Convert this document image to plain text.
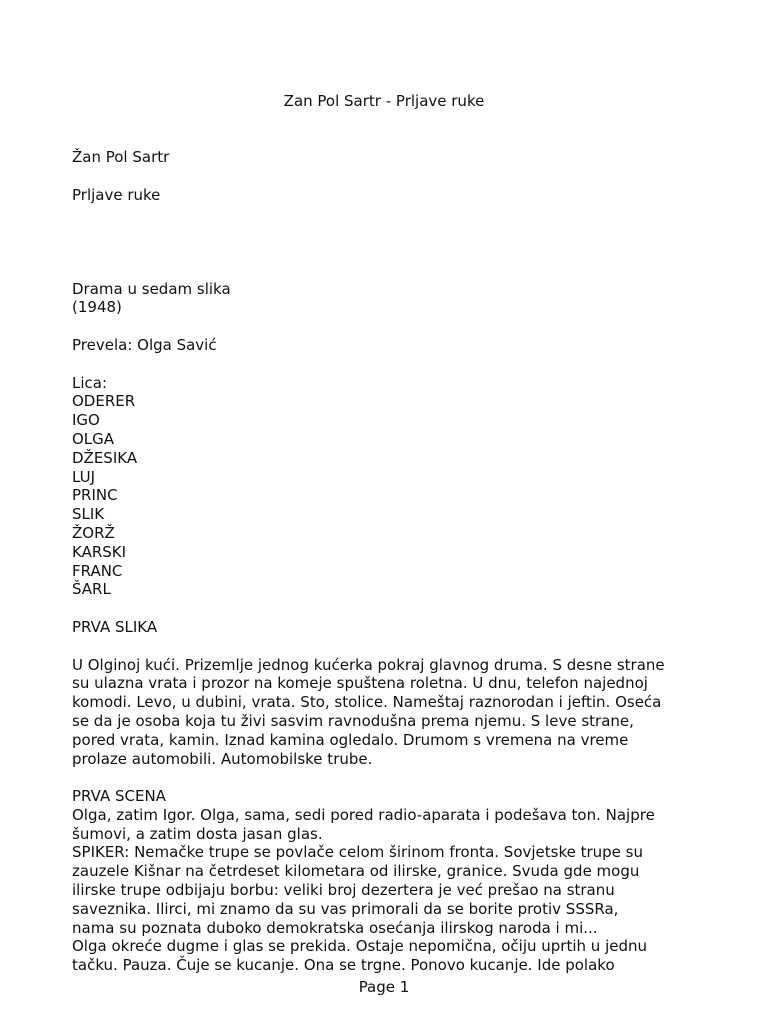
Zan Pol Sartr - Prljave ruke
Žan Pol Sartr
Prljave ruke
Drama u sedam slika
(1948)
Prevela: Olga Savić
Lica:
ODERER
IGO
OLGA
DŽESIKA
LUJ
PRINC
SLIK
ŽORŽ
KARSKI
FRANC
ŠARL
PRVA SLIKA
U Olginoj kući. Prizemlje jednog kućerka pokraj glavnog druma. S desne strane
su ulazna vrata i prozor na komeje spuštena roletna. U dnu, telefon najednoj
komodi. Levo, u dubini, vrata. Sto, stolice. Nameštaj raznorodan i jeftin. Oseća
se da je osoba koja tu živi sasvim ravnodušna prema njemu. S leve strane,
pored vrata, kamin. Iznad kamina ogledalo. Drumom s vremena na vreme
prolaze automobili. Automobilske trube.
PRVA SCENA
Olga, zatim Igor. Olga, sama, sedi pored radio-aparata i podešava ton. Najpre
šumovi, a zatim dosta jasan glas.
SPIKER: Nemačke trupe se povlače celom širinom fronta. Sovjetske trupe su
zauzele Kišnar na četrdeset kilometara od ilirske, granice. Svuda gde mogu
ilirske trupe odbijaju borbu: veliki broj dezertera je već prešao na stranu
saveznika. Ilirci, mi znamo da su vas primorali da se borite protiv SSSRa,
nama su poznata duboko demokratska osećanja ilirskog naroda i mi...
Olga okreće dugme i glas se prekida. Ostaje nepomična, očiju uprtih u jednu
tačku. Pauza. Čuje se kucanje. Ona se trgne. Ponovo kucanje. Ide polako
Page 1
